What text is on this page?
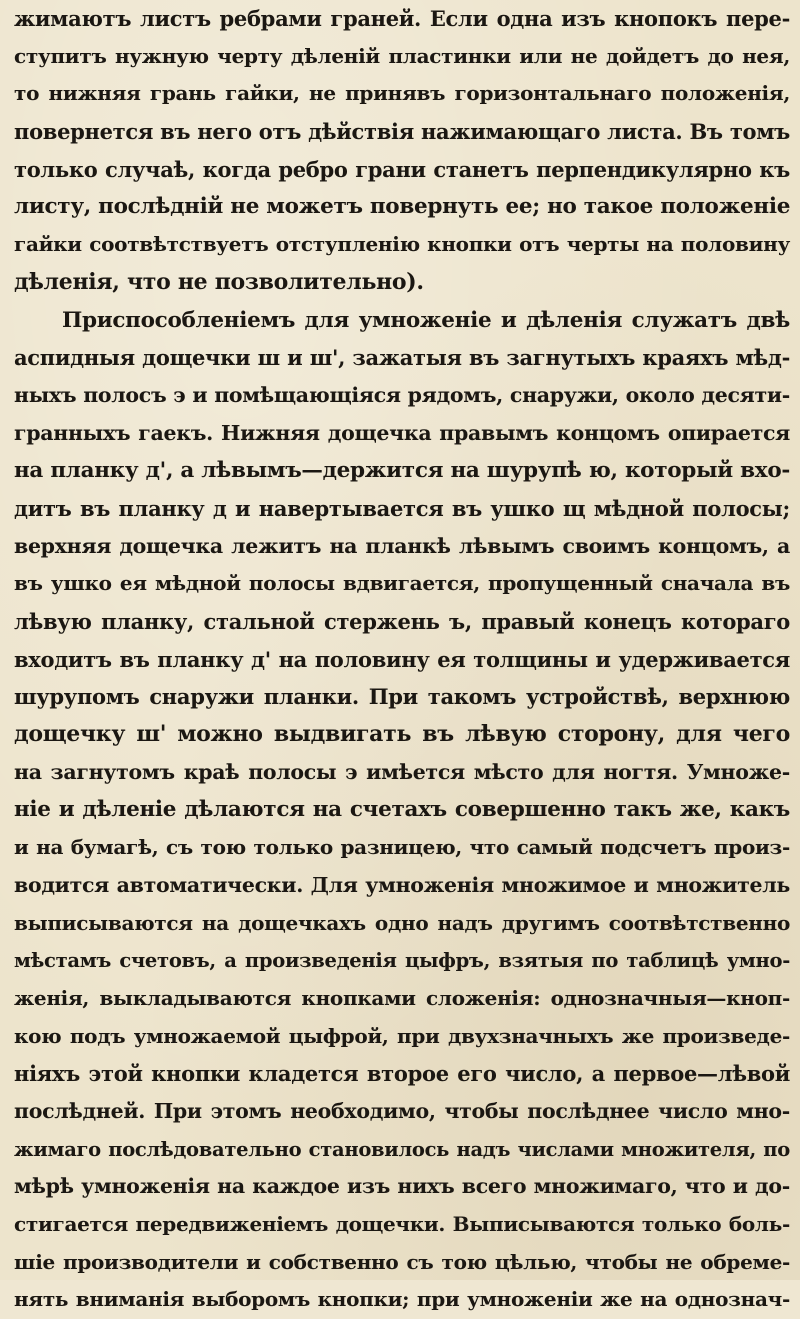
жимаютъ листъ ребрами граней. Если одна изъ кнопокъ пере-
ступитъ нужную черту дѣленій пластинки или не дойдетъ до нея,
то нижняя грань гайки, не принявъ горизонтальнаго положенія,
повернется въ него отъ дѣйствія нажимающаго листа. Въ томъ
только случаѣ, когда ребро грани станетъ перпендикулярно къ
листу, послѣдній не можетъ повернуть ее; но такое положеніе
гайки соотвѣтствуетъ отступленію кнопки отъ черты на половину
дѣленія, что не позволительно).
Приспособленіемъ для умноженіе и дѣленія служатъ двѣ
аспидныя дощечки ш и ш', зажатыя въ загнутыхъ краяхъ мѣд-
ныхъ полосъ э и помѣщающіяся рядомъ, снаружи, около десяти-
гранныхъ гаекъ. Нижняя дощечка правымъ концомъ опирается
на планку д', а лѣвымъ—держится на шурупѣ ю, который вхо-
дитъ въ планку д и навертывается въ ушко щ мѣдной полосы;
верхняя дощечка лежитъ на планкѣ лѣвымъ своимъ концомъ, а
въ ушко ея мѣдной полосы вдвигается, пропущенный сначала въ
лѣвую планку, стальной стержень ъ, правый конецъ котораго
входитъ въ планку д' на половину ея толщины и удерживается
шурупомъ снаружи планки. При такомъ устройствѣ, верхнюю
дощечку ш' можно выдвигать въ лѣвую сторону, для чего
на загнутомъ краѣ полосы э имѣется мѣсто для ногтя. Умноже-
ніе и дѣленіе дѣлаются на счетахъ совершенно такъ же, какъ
и на бумагѣ, съ тою только разницею, что самый подсчетъ произ-
водится автоматически. Для умноженія множимое и множитель
выписываются на дощечкахъ одно надъ другимъ соотвѣтственно
мѣстамъ счетовъ, а произведенія цыфръ, взятыя по таблицѣ умно-
женія, выкладываются кнопками сложенія: однозначныя—кноп-
кою подъ умножаемой цыфрой, при двухзначныхъ же произведе-
ніяхъ этой кнопки кладется второе его число, а первое—лѣвой
послѣдней. При этомъ необходимо, чтобы послѣднее число мно-
жимаго послѣдовательно становилось надъ числами множителя, по
мѣрѣ умноженія на каждое изъ нихъ всего множимаго, что и до-
стигается передвиженіемъ дощечки. Выписываются только боль-
шіе производители и собственно съ тою цѣлью, чтобы не обреме-
нять вниманія выборомъ кнопки; при умноженіи же на однознач-
